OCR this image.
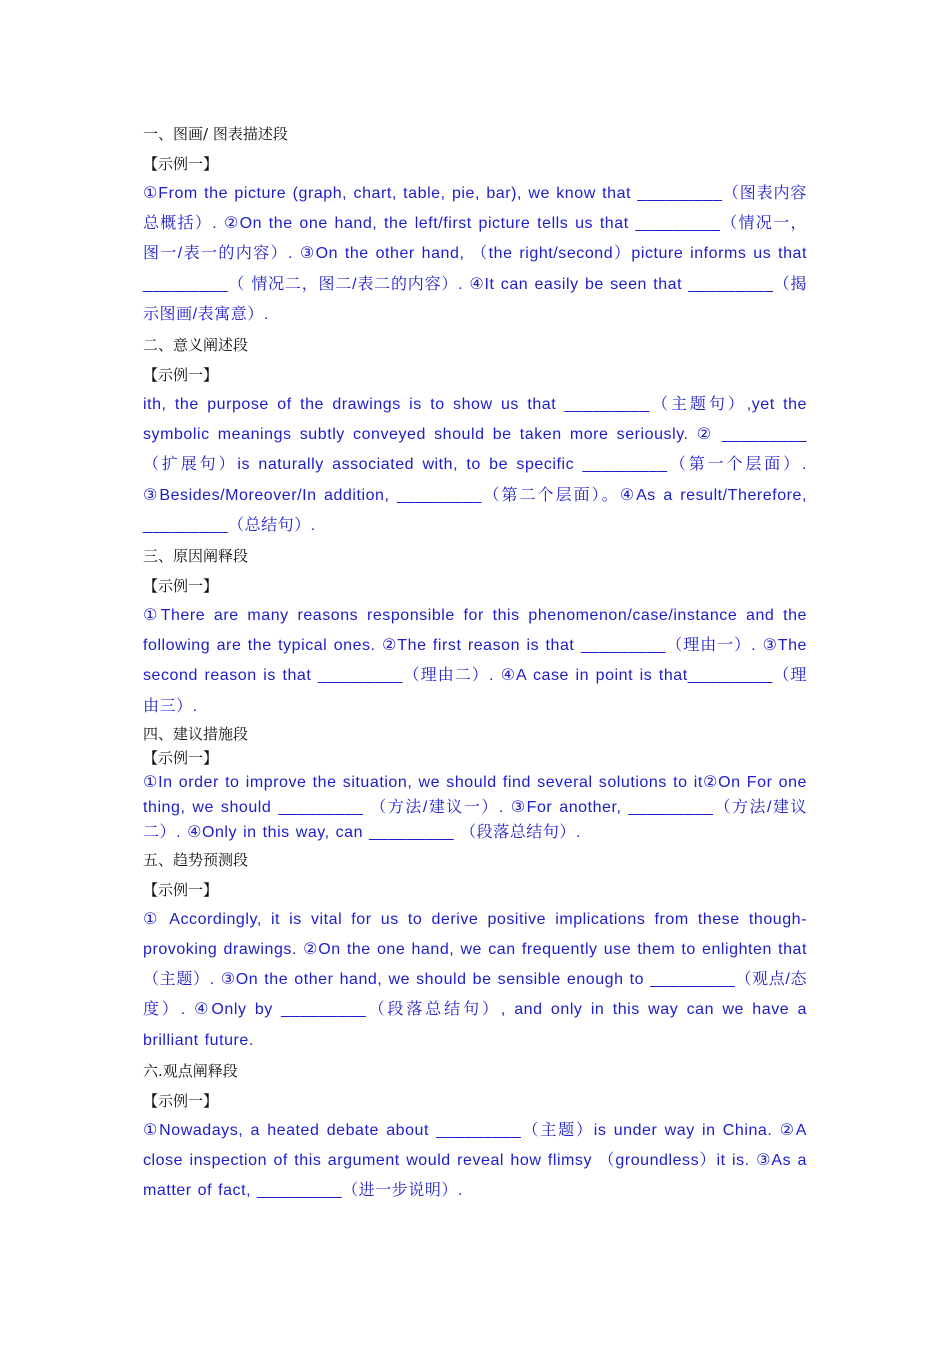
一、图画/ 图表描述段
【示例一】
①From the picture (graph, chart, table, pie, bar), we know that _________（图表内容总概括）. ②On the one hand, the left/first picture tells us that _________（情况一，图一/表一的内容）. ③On the other hand, （the right/second）picture informs us that _________（ 情况二，图二/表二的内容）. ④It can easily be seen that _________（揭示图画/表寓意）.
二、意义阐述段
【示例一】
ith, the purpose of the drawings is to show us that _________（主题句）,yet the symbolic meanings subtly conveyed should be taken more seriously. ② _________（扩展句）is naturally associated with, to be specific _________（第一个层面）. ③Besides/Moreover/In addition, _________（第二个层面）。④As a result/Therefore, _________（总结句）.
三、原因阐释段
【示例一】
①There are many reasons responsible for this phenomenon/case/instance and the following are the typical ones. ②The first reason is that _________（理由一）. ③The second reason is that _________（理由二）. ④A case in point is that_________（理由三）.
四、建议措施段
【示例一】
①In order to improve the situation, we should find several solutions to it②On For one thing, we should _________ （方法/建议一）. ③For another, _________（方法/建议二）. ④Only in this way, can _________ （段落总结句）.
五、趋势预测段
【示例一】
① Accordingly, it is vital for us to derive positive implications from these though-provoking drawings. ②On the one hand, we can frequently use them to enlighten that （主题）. ③On the other hand, we should be sensible enough to _________（观点/态度）. ④Only by _________（段落总结句）, and only in this way can we have a brilliant future.
六.观点阐释段
【示例一】
①Nowadays, a heated debate about _________（主题）is under way in China. ②A close inspection of this argument would reveal how flimsy （groundless）it is. ③As a matter of fact, _________（进一步说明）.
